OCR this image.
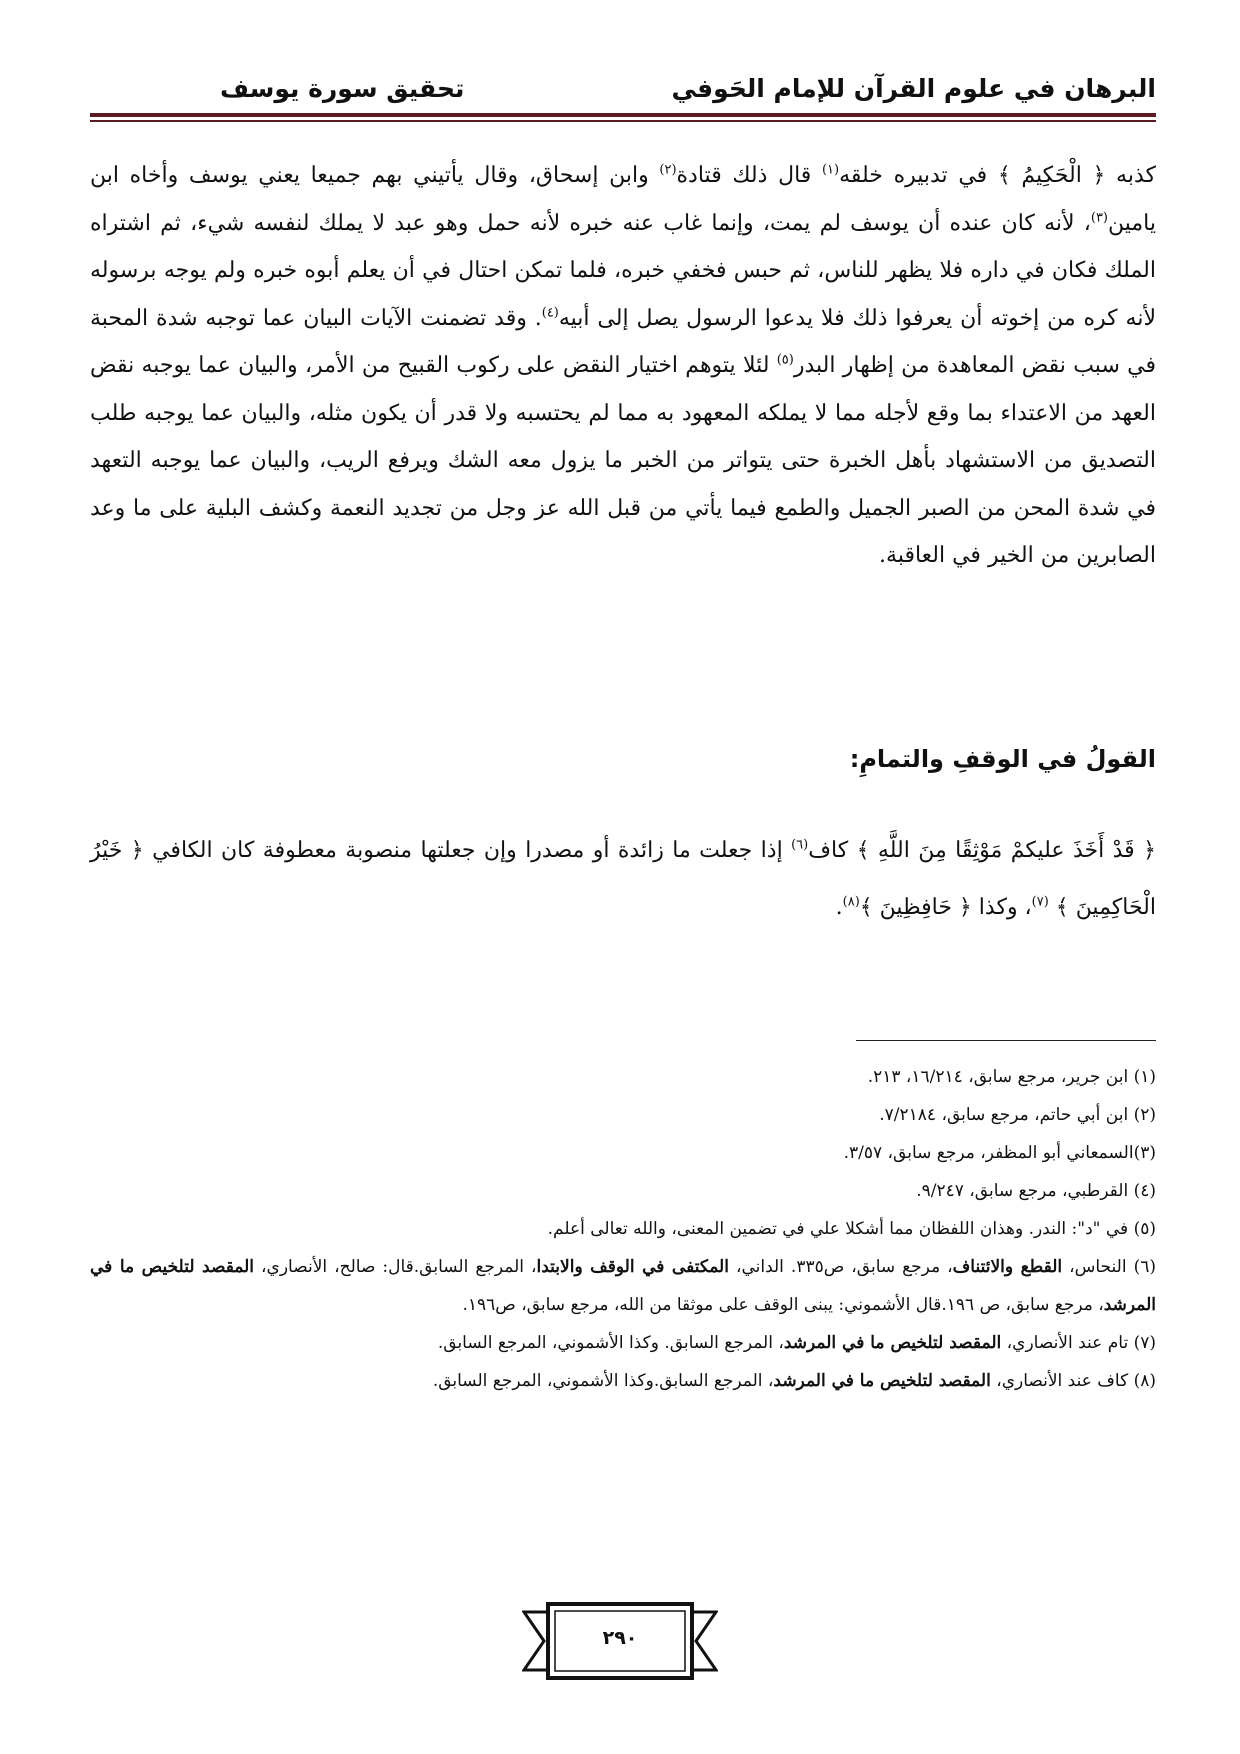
البرهان في علوم القرآن للإمام الحَوفي
تحقيق سورة يوسف

كذبه ﴿ الْحَكِيمُ ﴾ في تدبيره خلقه$^{(١)}$ قال ذلك قتادة$^{(٢)}$ وابن إسحاق، وقال يأتيني بهم جميعا يعني يوسف وأخاه ابن يامين$^{(٣)}$، لأنه كان عنده أن يوسف لم يمت، وإنما غاب عنه خبره لأنه حمل وهو عبد لا يملك لنفسه شيء، ثم اشتراه الملك فكان في داره فلا يظهر للناس، ثم حبس فخفي خبره، فلما تمكن احتال في أن يعلم أبوه خبره ولم يوجه برسوله لأنه كره من إخوته أن يعرفوا ذلك فلا يدعوا الرسول يصل إلى أبيه$^{(٤)}$. وقد تضمنت الآيات البيان عما توجبه شدة المحبة في سبب نقض المعاهدة من إظهار البدر$^{(٥)}$ لئلا يتوهم اختيار النقض على ركوب القبيح من الأمر، والبيان عما يوجبه نقض العهد من الاعتداء بما وقع لأجله مما لا يملكه المعهود به مما لم يحتسبه ولا قدر أن يكون مثله، والبيان عما يوجبه طلب التصديق من الاستشهاد بأهل الخبرة حتى يتواتر من الخبر ما يزول معه الشك ويرفع الريب، والبيان عما يوجبه التعهد في شدة المحن من الصبر الجميل والطمع فيما يأتي من قبل الله عز وجل من تجديد النعمة وكشف البلية على ما وعد الصابرين من الخير في العاقبة.

القولُ في الوقفِ والتمامِ:
﴿ قَدْ أَخَذَ عليكمْ مَوْثِقًا مِنَ اللَّهِ ﴾ كاف$^{(٦)}$ إذا جعلت ما زائدة أو مصدرا وإن جعلتها منصوبة معطوفة كان الكافي ﴿ خَيْرُ الْحَاكِمِينَ ﴾ $^{(٧)}$، وكذا ﴿ حَافِظِينَ ﴾$^{(٨)}$.

(١) ابن جرير، مرجع سابق، ١٦/٢١٤، ٢١٣.

(٢) ابن أبي حاتم، مرجع سابق، ٧/٢١٨٤.

(٣)السمعاني أبو المظفر، مرجع سابق، ٣/٥٧.

(٤) القرطبي، مرجع سابق، ٩/٢٤٧.

(٥) في "د": الندر. وهذان اللفظان مما أشكلا علي في تضمين المعنى، والله تعالى أعلم.

(٦) النحاس، القطع والائتناف، مرجع سابق، ص٣٣٥. الداني، المكتفى في الوقف والابتدا، المرجع السابق.قال: صالح، الأنصاري، المقصد لتلخيص ما في المرشد، مرجع سابق، ص ١٩٦.قال الأشموني: يبنى الوقف على موثقا من الله، مرجع سابق، ص١٩٦.

(٧) تام عند الأنصاري، المقصد لتلخيص ما في المرشد، المرجع السابق. وكذا الأشموني، المرجع السابق.

(٨) كاف عند الأنصاري، المقصد لتلخيص ما في المرشد، المرجع السابق.وكذا الأشموني، المرجع السابق.

٢٩٠
